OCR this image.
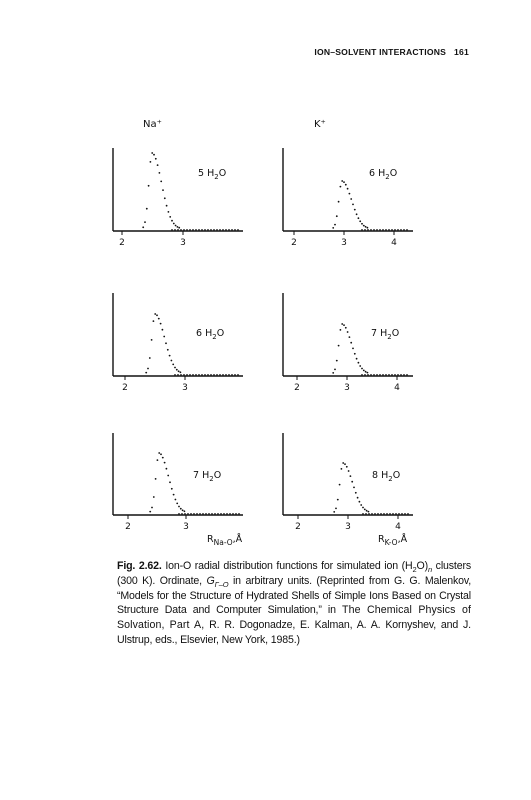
ION–SOLVENT INTERACTIONS 161
Na⁺	K⁺
2	3
5 $H_2O$
2	3	4
6 $H_2O$
2	3
6 $H_2O$
2	3	4
7 $H_2O$
2	3
7 $H_2O$
2	3	4
8 $H_2O$
$R_{Na-O},Å$	$R_{K-O},Å$
Fig. 2.62. Ion-O radial distribution functions for simulated ion $(H_2O)_n$ clusters (300 K). Ordinate, $G_{\Gamma-O}$ in arbitrary units. (Reprinted from G. G. Malenkov, “Models for the Structure of Hydrated Shells of Simple Ions Based on Crystal Structure Data and Computer Simulation,” in The Chemical Physics of Solvation, Part A, R. R. Dogonadze, E. Kalman, A. A. Kornyshev, and J. Ulstrup, eds., Elsevier, New York, 1985.)
